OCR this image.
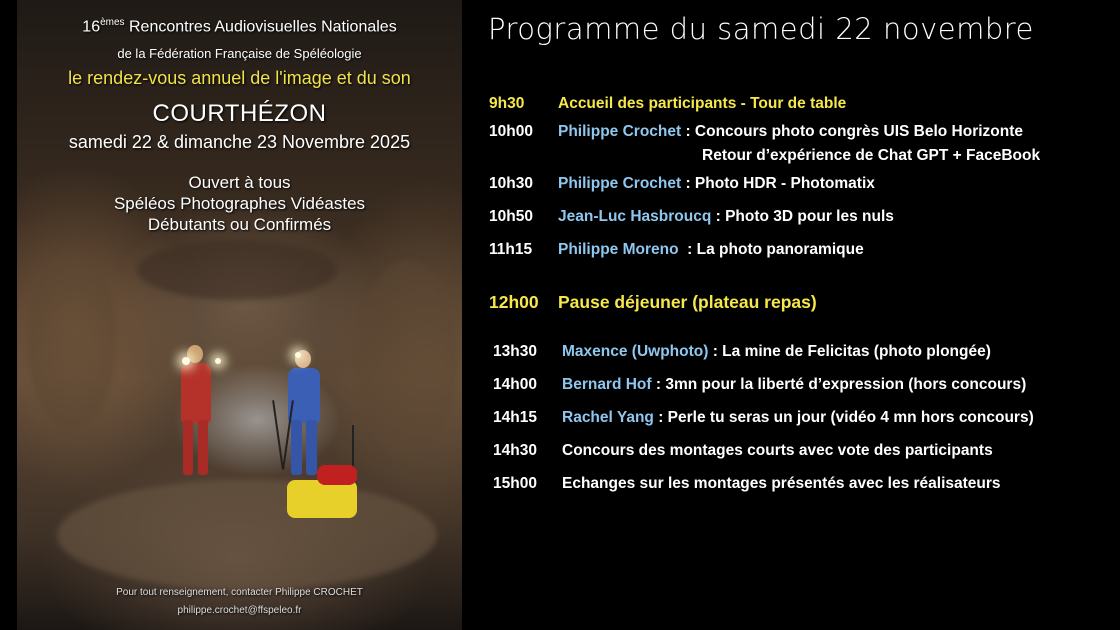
16èmes Rencontres Audiovisuelles Nationales
de la Fédération Française de Spéléologie
le rendez-vous annuel de l'image et du son
COURTHÉZON
samedi 22 & dimanche 23 Novembre 2025
Ouvert à tous
Spéléos Photographes Vidéastes
Débutants ou Confirmés
Pour tout renseignement, contacter Philippe CROCHET
philippe.crochet@ffspeleo.fr
Programme du samedi 22 novembre
9h30 Accueil des participants - Tour de table
10h00 Philippe Crochet : Concours photo congrès UIS Belo Horizonte
Retour d’expérience de Chat GPT + FaceBook
10h30 Philippe Crochet : Photo HDR - Photomatix
10h50 Jean-Luc Hasbroucq : Photo 3D pour les nuls
11h15 Philippe Moreno  : La photo panoramique
12h00 Pause déjeuner (plateau repas)
13h30 Maxence (Uwphoto) : La mine de Felicitas (photo plongée)
14h00 Bernard Hof : 3mn pour la liberté d’expression (hors concours)
14h15 Rachel Yang : Perle tu seras un jour (vidéo 4 mn hors concours)
14h30 Concours des montages courts avec vote des participants
15h00 Echanges sur les montages présentés avec les réalisateurs
